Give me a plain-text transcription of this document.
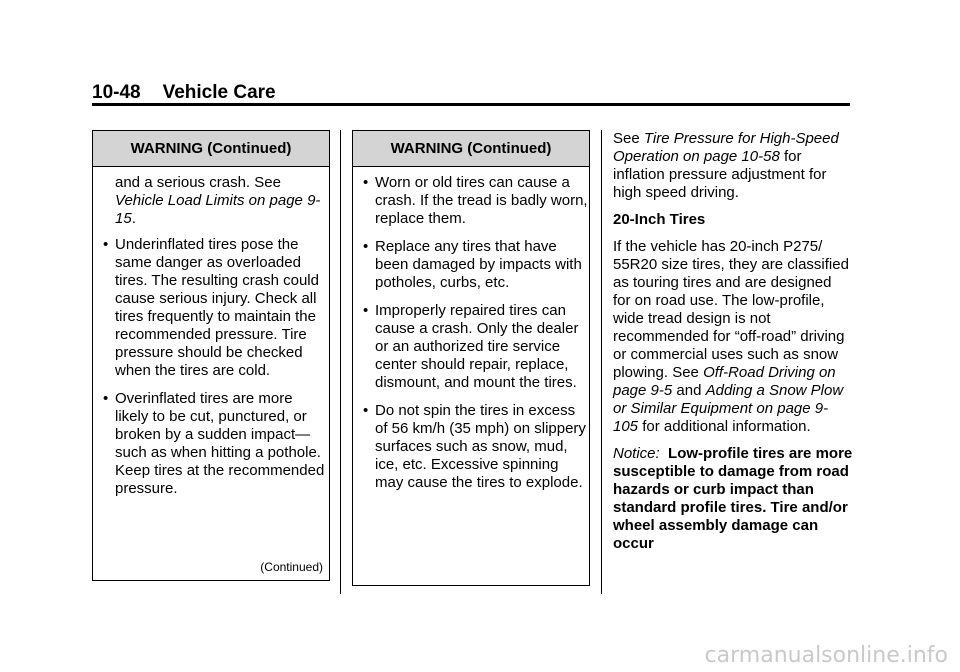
10-48 Vehicle Care
WARNING (Continued)

and a serious crash. See Vehicle Load Limits on page 9-15.

• Underinflated tires pose the same danger as overloaded tires. The resulting crash could cause serious injury. Check all tires frequently to maintain the recommended pressure. Tire pressure should be checked when the tires are cold.
• Overinflated tires are more likely to be cut, punctured, or broken by a sudden impact— such as when hitting a pothole. Keep tires at the recommended pressure.
(Continued)
WARNING (Continued)
• Worn or old tires can cause a crash. If the tread is badly worn, replace them.
• Replace any tires that have been damaged by impacts with potholes, curbs, etc.
• Improperly repaired tires can cause a crash. Only the dealer or an authorized tire service center should repair, replace, dismount, and mount the tires.
• Do not spin the tires in excess of 56 km/h (35 mph) on slippery surfaces such as snow, mud, ice, etc. Excessive spinning may cause the tires to explode.

See Tire Pressure for High-Speed Operation on page 10-58 for inflation pressure adjustment for high speed driving.

20-Inch Tires

If the vehicle has 20-inch P275/ 55R20 size tires, they are classified as touring tires and are designed for on road use. The low-profile, wide tread design is not recommended for “off-road” driving or commercial uses such as snow plowing. See Off-Road Driving on page 9-5 and Adding a Snow Plow or Similar Equipment on page 9-105 for additional information.

Notice: Low-profile tires are more susceptible to damage from road hazards or curb impact than standard profile tires. Tire and/or wheel assembly damage can occur

carmanualsonline.info
